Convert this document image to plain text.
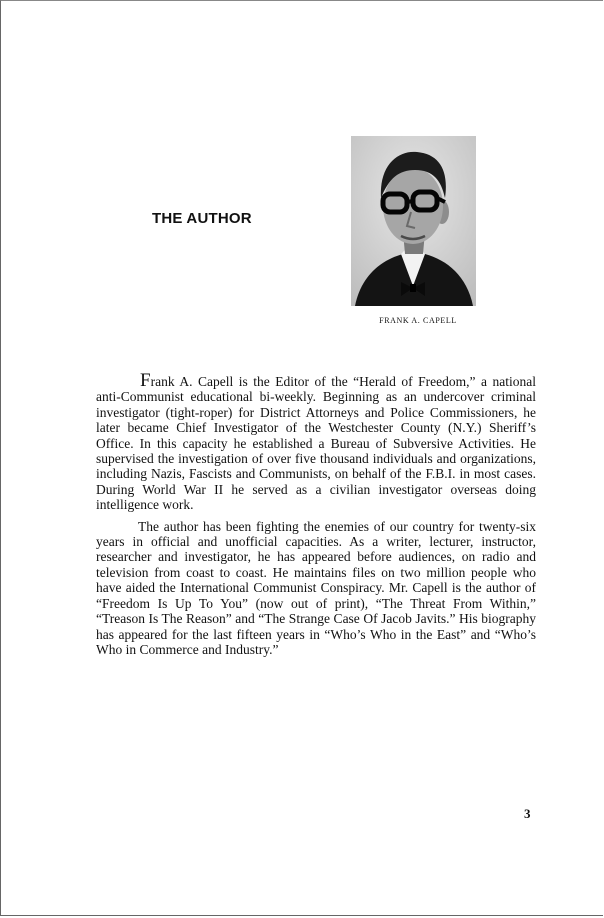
THE AUTHOR
FRANK A. CAPELL

Frank A. Capell is the Editor of the “Herald of Freedom,” a national anti-Communist educational bi-weekly. Beginning as an undercover criminal investigator (tight-roper) for District Attorneys and Police Commissioners, he later became Chief Investigator of the Westchester County (N.Y.) Sheriff’s Office. In this capacity he established a Bureau of Subversive Activities. He supervised the investigation of over five thousand individuals and organizations, including Nazis, Fascists and Communists, on behalf of the F.B.I. in most cases. During World War II he served as a civilian investigator overseas doing intelligence work.

The author has been fighting the enemies of our country for twenty-six years in official and unofficial capacities. As a writer, lecturer, instructor, researcher and investigator, he has appeared before audiences, on radio and television from coast to coast. He maintains files on two million people who have aided the International Communist Conspiracy. Mr. Capell is the author of “Freedom Is Up To You” (now out of print), “The Threat From Within,” “Treason Is The Reason” and “The Strange Case Of Jacob Javits.” His biography has appeared for the last fifteen years in “Who’s Who in the East” and “Who’s Who in Commerce and Industry.”

3
